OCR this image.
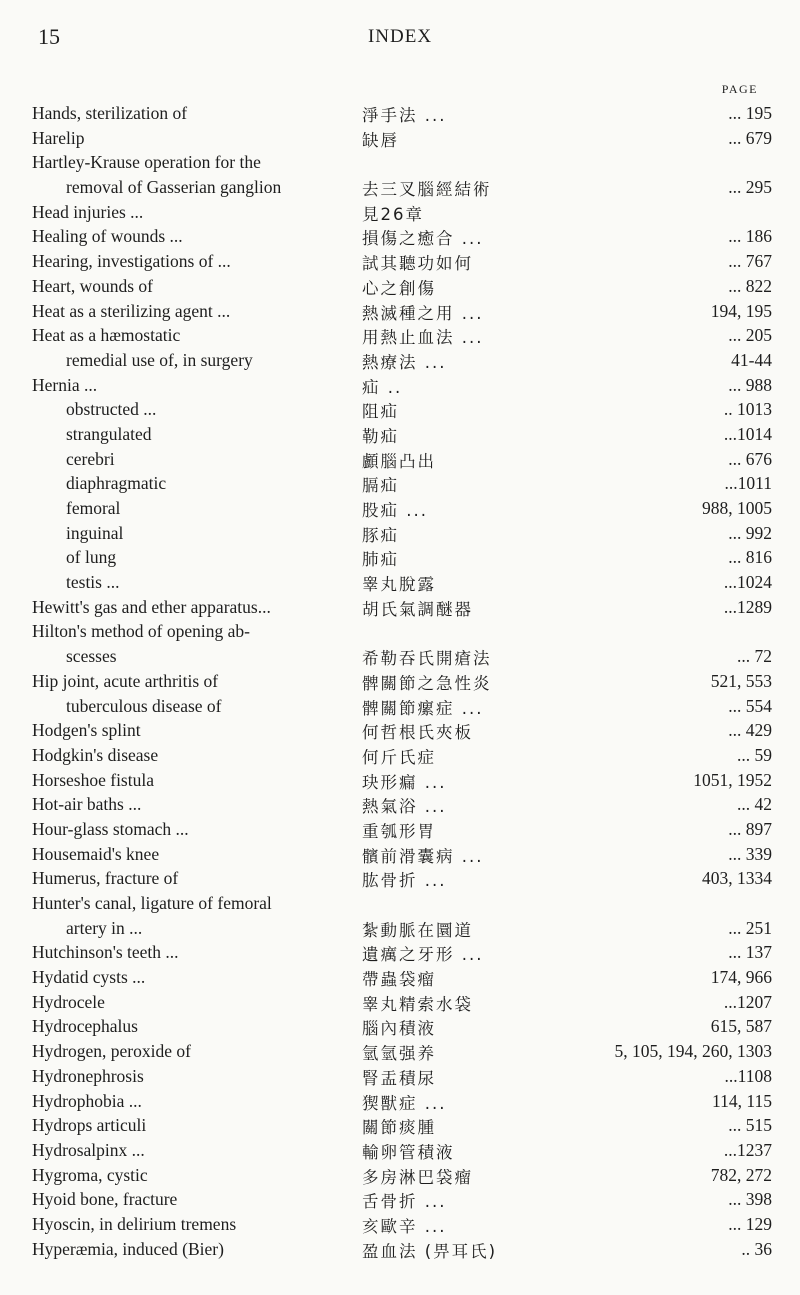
15	INDEX
PAGE
Hands, sterilization of	淨手法 ...	... 195
Harelip	缺唇	... 679
Hartley-Krause operation for the
removal of Gasserian ganglion	去三叉腦經結術	... 295
Head injuries ...	見26章
Healing of wounds ...	損傷之癒合 ...	... 186
Hearing, investigations of ...	試其聽功如何	... 767
Heart, wounds of	心之創傷	... 822
Heat as a sterilizing agent ...	熱滅種之用 ...	194, 195
Heat as a hæmostatic	用熱止血法 ...	... 205
remedial use of, in surgery	熱療法 ...	41-44
Hernia ...	疝 ..	... 988
obstructed ...	阻疝	.. 1013
strangulated	勒疝	...1014
cerebri	顱腦凸出	... 676
diaphragmatic	膈疝	...1011
femoral	股疝 ...	988, 1005
inguinal	豚疝	... 992
of lung	肺疝	... 816
testis ...	睾丸脫露	...1024
Hewitt's gas and ether apparatus...	胡氏氣調醚器	...1289
Hilton's method of opening ab-
scesses	希勒吞氏開瘡法	... 72
Hip joint, acute arthritis of	髀關節之急性炎	521, 553
tuberculous disease of	髀關節瘰症 ...	... 554
Hodgen's splint	何哲根氏夾板	... 429
Hodgkin's disease	何斤氏症	... 59
Horseshoe fistula	玦形瘺 ...	1051, 1952
Hot-air baths ...	熱氣浴 ...	... 42
Hour-glass stomach ...	重瓠形胃	... 897
Housemaid's knee	髕前滑囊病 ...	... 339
Humerus, fracture of	肱骨折 ...	403, 1334
Hunter's canal, ligature of femoral
artery in ...	紮動脈在圜道	... 251
Hutchinson's teeth ...	遺癘之牙形 ...	... 137
Hydatid cysts ...	帶蟲袋瘤	174, 966
Hydrocele	睾丸精索水袋	...1207
Hydrocephalus	腦內積液	615, 587
Hydrogen, peroxide of	氫氫强养	5, 105, 194, 260, 1303
Hydronephrosis	腎盂積尿	...1108
Hydrophobia ...	猰獸症 ...	114, 115
Hydrops articuli	關節痰腫	... 515
Hydrosalpinx ...	輸卵管積液	...1237
Hygroma, cystic	多房淋巴袋瘤	782, 272
Hyoid bone, fracture	舌骨折 ...	... 398
Hyoscin, in delirium tremens	亥歐辛 ...	... 129
Hyperæmia, induced (Bier)	盈血法 (畀耳氏)	.. 36
